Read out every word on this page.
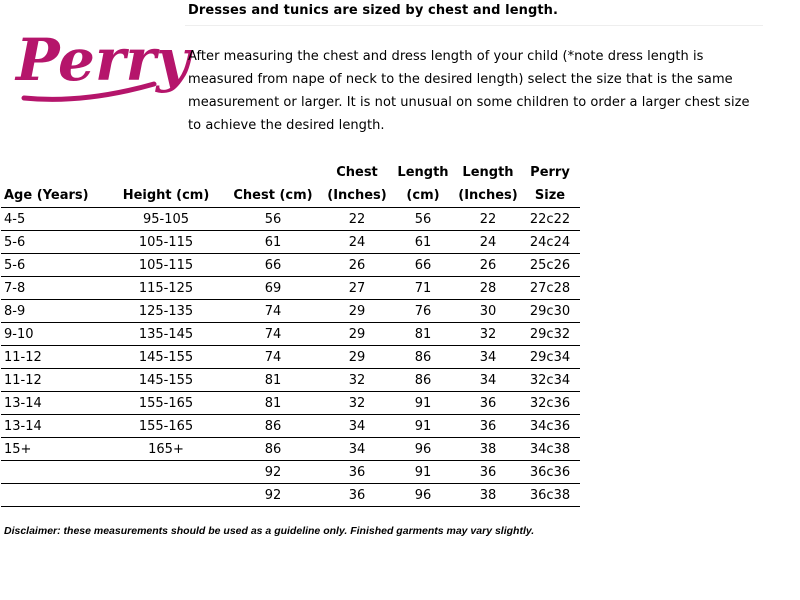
Perry
Dresses and tunics are sized by chest and length.
After measuring the chest and dress length of your child (*note dress length is measured from nape of neck to the desired length) select the size that is the same measurement or larger. It is not unusual on some children to order a larger chest size to achieve the desired length.
			Chest	Length	Length	Perry
Age (Years)	Height (cm)	Chest (cm)	(Inches)	(cm)	(Inches)	Size
4-5	95-105	56	22	56	22	22c22
5-6	105-115	61	24	61	24	24c24
5-6	105-115	66	26	66	26	25c26
7-8	115-125	69	27	71	28	27c28
8-9	125-135	74	29	76	30	29c30
9-10	135-145	74	29	81	32	29c32
11-12	145-155	74	29	86	34	29c34
11-12	145-155	81	32	86	34	32c34
13-14	155-165	81	32	91	36	32c36
13-14	155-165	86	34	91	36	34c36
15+	165+	86	34	96	38	34c38
		92	36	91	36	36c36
		92	36	96	38	36c38
Disclaimer: these measurements should be used as a guideline only. Finished garments may vary slightly.
